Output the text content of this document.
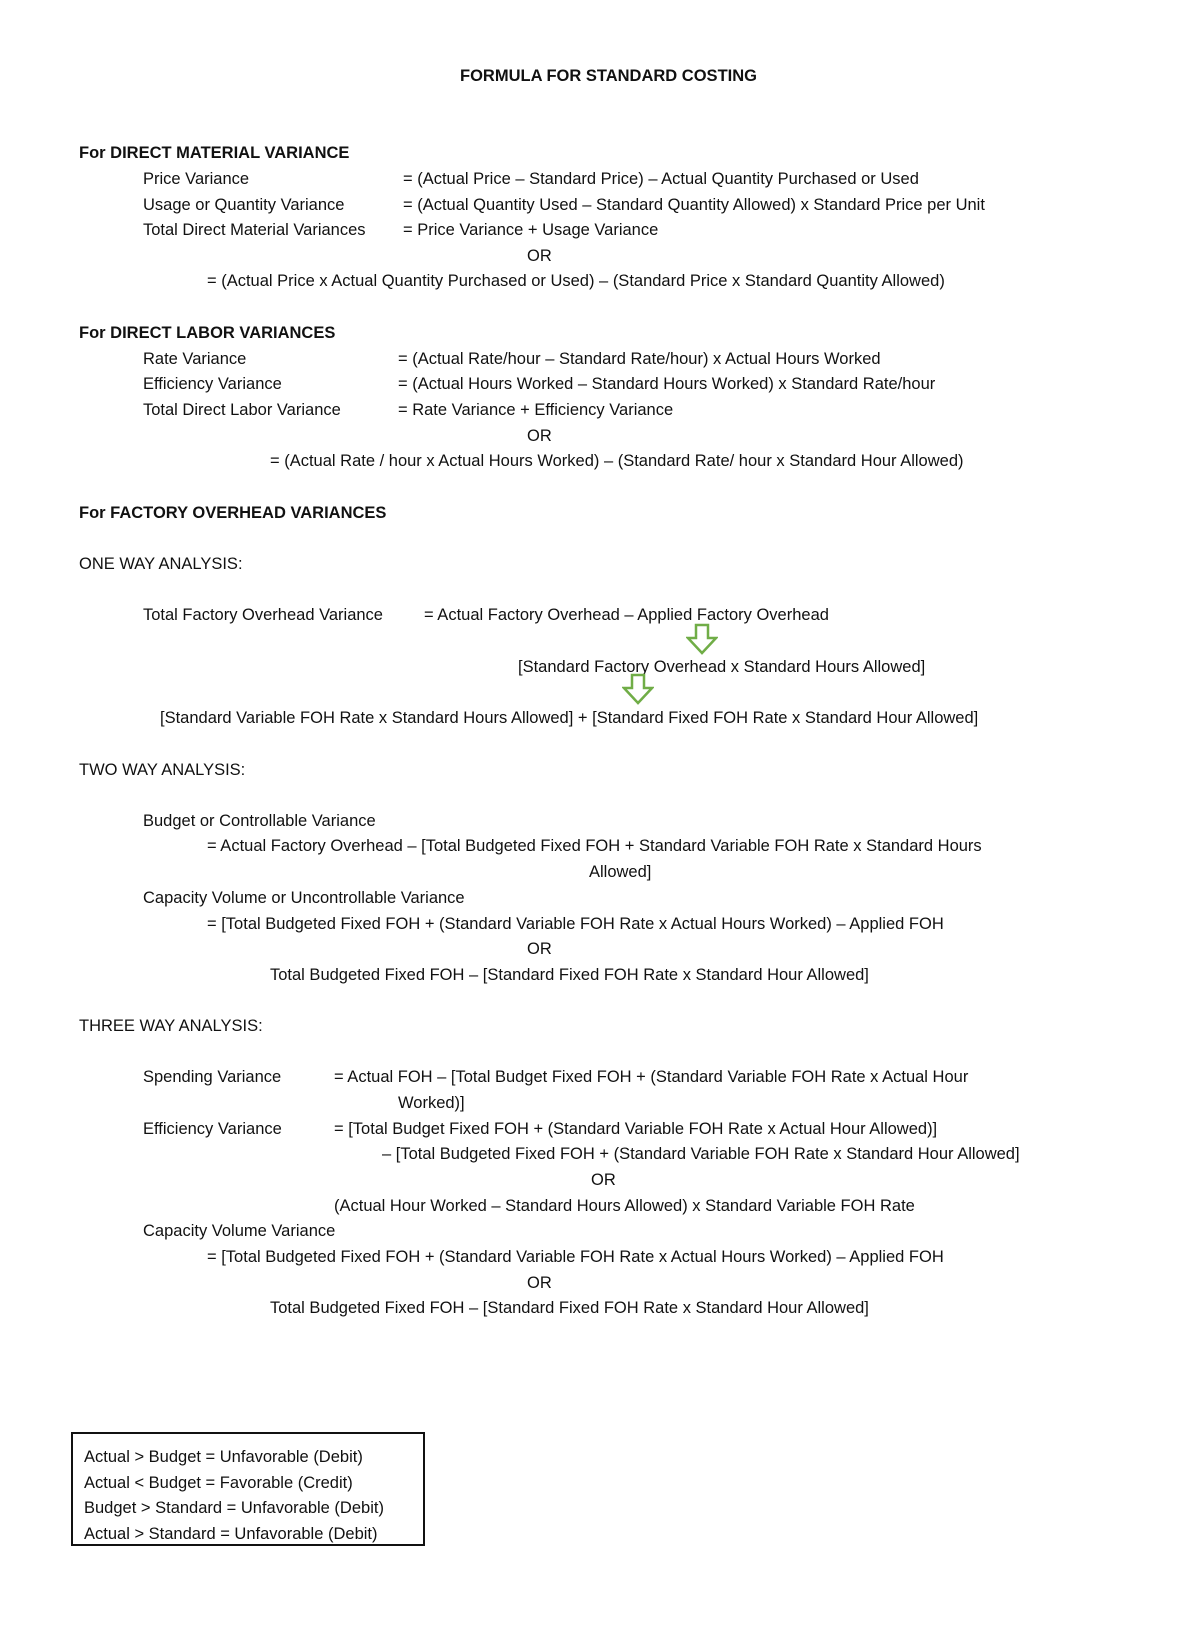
FORMULA FOR STANDARD COSTING
For DIRECT MATERIAL VARIANCE
Price Variance	= (Actual Price – Standard Price) – Actual Quantity Purchased or Used
Usage or Quantity Variance	= (Actual Quantity Used – Standard Quantity Allowed) x Standard Price per Unit
Total Direct Material Variances = Price Variance + Usage Variance
OR
= (Actual Price x Actual Quantity Purchased or Used) – (Standard Price x Standard Quantity Allowed)
For DIRECT LABOR VARIANCES
Rate Variance	= (Actual Rate/hour – Standard Rate/hour) x Actual Hours Worked
Efficiency Variance	= (Actual Hours Worked – Standard Hours Worked) x Standard Rate/hour
Total Direct Labor Variance	= Rate Variance + Efficiency Variance
OR
= (Actual Rate / hour x Actual Hours Worked) – (Standard Rate/ hour x Standard Hour Allowed)
For FACTORY OVERHEAD VARIANCES
ONE WAY ANALYSIS:
Total Factory Overhead Variance = Actual Factory Overhead – Applied Factory Overhead
[Standard Factory Overhead x Standard Hours Allowed]
[Standard Variable FOH Rate x Standard Hours Allowed] + [Standard Fixed FOH Rate x Standard Hour Allowed]
TWO WAY ANALYSIS:
Budget or Controllable Variance
= Actual Factory Overhead – [Total Budgeted Fixed FOH + Standard Variable FOH Rate x Standard Hours
Allowed]
Capacity Volume or Uncontrollable Variance
= [Total Budgeted Fixed FOH + (Standard Variable FOH Rate x Actual Hours Worked) – Applied FOH
OR
Total Budgeted Fixed FOH – [Standard Fixed FOH Rate x Standard Hour Allowed]
THREE WAY ANALYSIS:
Spending Variance	= Actual FOH – [Total Budget Fixed FOH + (Standard Variable FOH Rate x Actual Hour
Worked)]
Efficiency Variance	= [Total Budget Fixed FOH + (Standard Variable FOH Rate x Actual Hour Allowed)]
– [Total Budgeted Fixed FOH + (Standard Variable FOH Rate x Standard Hour Allowed]
OR
(Actual Hour Worked – Standard Hours Allowed) x Standard Variable FOH Rate
Capacity Volume Variance
= [Total Budgeted Fixed FOH + (Standard Variable FOH Rate x Actual Hours Worked) – Applied FOH
OR
Total Budgeted Fixed FOH – [Standard Fixed FOH Rate x Standard Hour Allowed]
Actual > Budget = Unfavorable (Debit)
Actual < Budget = Favorable (Credit)
Budget > Standard = Unfavorable (Debit)
Actual > Standard = Unfavorable (Debit)
